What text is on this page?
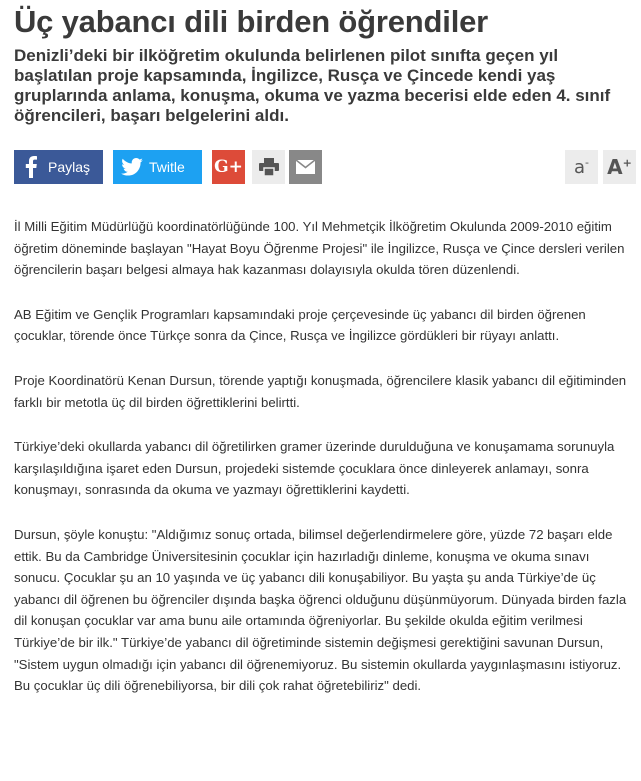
Üç yabancı dili birden öğrendiler

Denizli’deki bir ilköğretim okulunda belirlenen pilot sınıfta geçen yıl başlatılan proje kapsamında, İngilizce, Rusça ve Çincede kendi yaş gruplarında anlama, konuşma, okuma ve yazma becerisi elde eden 4. sınıf öğrencileri, başarı belgelerini aldı.

Paylaş	Twitle G+	a- A+

İl Milli Eğitim Müdürlüğü koordinatörlüğünde 100. Yıl Mehmetçik İlköğretim Okulunda 2009-2010 eğitim öğretim döneminde başlayan "Hayat Boyu Öğrenme Projesi" ile İngilizce, Rusça ve Çince dersleri verilen öğrencilerin başarı belgesi almaya hak kazanması dolayısıyla okulda tören düzenlendi.

AB Eğitim ve Gençlik Programları kapsamındaki proje çerçevesinde üç yabancı dil birden öğrenen çocuklar, törende önce Türkçe sonra da Çince, Rusça ve İngilizce gördükleri bir rüyayı anlattı.

Proje Koordinatörü Kenan Dursun, törende yaptığı konuşmada, öğrencilere klasik yabancı dil eğitiminden farklı bir metotla üç dil birden öğrettiklerini belirtti.

Türkiye’deki okullarda yabancı dil öğretilirken gramer üzerinde durulduğuna ve konuşamama sorunuyla karşılaşıldığına işaret eden Dursun, projedeki sistemde çocuklara önce dinleyerek anlamayı, sonra konuşmayı, sonrasında da okuma ve yazmayı öğrettiklerini kaydetti.

Dursun, şöyle konuştu: "Aldığımız sonuç ortada, bilimsel değerlendirmelere göre, yüzde 72 başarı elde ettik. Bu da Cambridge Üniversitesinin çocuklar için hazırladığı dinleme, konuşma ve okuma sınavı sonucu. Çocuklar şu an 10 yaşında ve üç yabancı dili konuşabiliyor. Bu yaşta şu anda Türkiye’de üç yabancı dil öğrenen bu öğrenciler dışında başka öğrenci olduğunu düşünmüyorum. Dünyada birden fazla dil konuşan çocuklar var ama bunu aile ortamında öğreniyorlar. Bu şekilde okulda eğitim verilmesi Türkiye’de bir ilk." Türkiye’de yabancı dil öğretiminde sistemin değişmesi gerektiğini savunan Dursun, "Sistem uygun olmadığı için yabancı dil öğrenemiyoruz. Bu sistemin okullarda yaygınlaşmasını istiyoruz. Bu çocuklar üç dili öğrenebiliyorsa, bir dili çok rahat öğretebiliriz" dedi.
